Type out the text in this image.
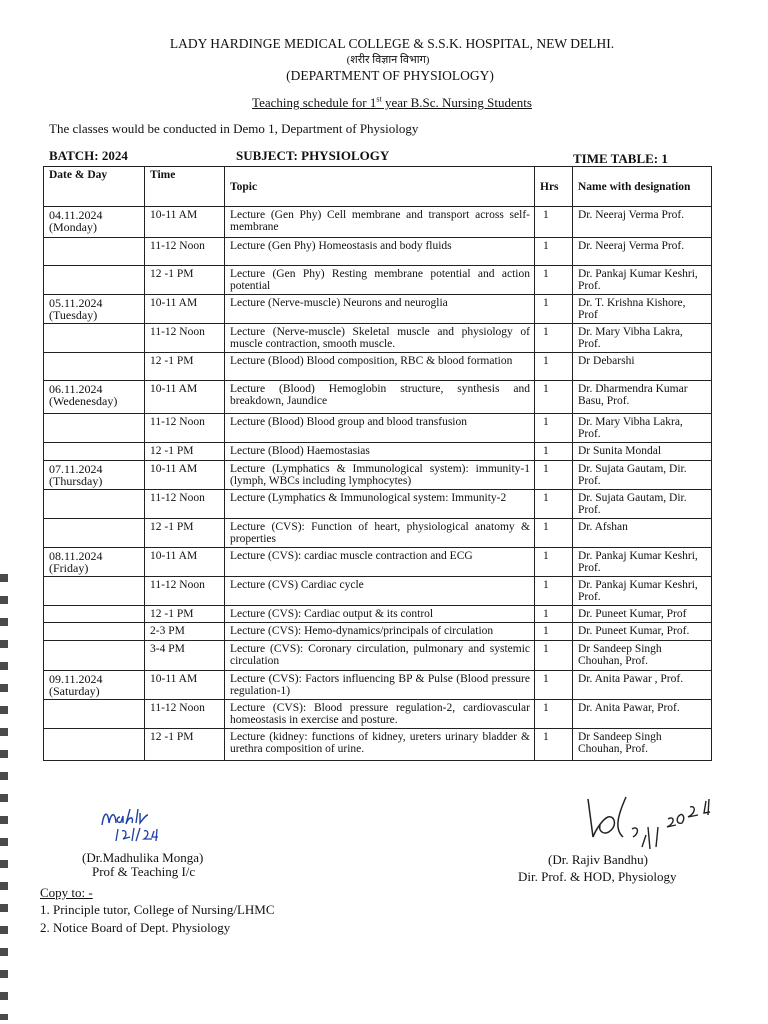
LADY HARDINGE MEDICAL COLLEGE & S.S.K. HOSPITAL, NEW DELHI.
(शरीर विज्ञान विभाग)
(DEPARTMENT OF PHYSIOLOGY)
Teaching schedule for 1st year B.Sc. Nursing Students
The classes would be conducted in Demo 1, Department of Physiology
BATCH: 2024	SUBJECT: PHYSIOLOGY	TIME TABLE: 1
Date & Day	Time	Topic	Hrs	Name with designation

04.11.2024
(Monday)	10-11 AM	Lecture (Gen Phy) Cell membrane and transport across self-membrane	1	Dr. Neeraj Verma Prof.

	11-12 Noon	Lecture (Gen Phy) Homeostasis and body fluids	1	Dr. Neeraj Verma Prof.

	12 -1 PM	Lecture (Gen Phy) Resting membrane potential and action potential	1	Dr. Pankaj Kumar Keshri, Prof.

05.11.2024
(Tuesday)	10-11 AM	Lecture (Nerve-muscle) Neurons and neuroglia	1	Dr. T. Krishna Kishore, Prof

	11-12 Noon	Lecture (Nerve-muscle) Skeletal muscle and physiology of muscle contraction, smooth muscle.	1	Dr. Mary Vibha Lakra, Prof.

	12 -1 PM	Lecture (Blood) Blood composition, RBC & blood formation	1	Dr Debarshi

06.11.2024
(Wedenesday)	10-11 AM	Lecture (Blood) Hemoglobin structure, synthesis and breakdown, Jaundice	1	Dr. Dharmendra Kumar Basu, Prof.

	11-12 Noon	Lecture (Blood) Blood group and blood transfusion	1	Dr. Mary Vibha Lakra, Prof.

	12 -1 PM	Lecture (Blood) Haemostasias	1	Dr Sunita Mondal

07.11.2024
(Thursday)	10-11 AM	Lecture (Lymphatics & Immunological system): immunity-1 (lymph, WBCs including lymphocytes)	1	Dr. Sujata Gautam, Dir. Prof.

	11-12 Noon	Lecture (Lymphatics & Immunological system: Immunity-2	1	Dr. Sujata Gautam, Dir. Prof.

	12 -1 PM	Lecture (CVS): Function of heart, physiological anatomy & properties	1	Dr. Afshan

08.11.2024
(Friday)	10-11 AM	Lecture (CVS): cardiac muscle contraction and ECG	1	Dr. Pankaj Kumar Keshri, Prof.

	11-12 Noon	Lecture (CVS) Cardiac cycle	1	Dr. Pankaj Kumar Keshri, Prof.

	12 -1 PM	Lecture (CVS): Cardiac output & its control	1	Dr. Puneet Kumar, Prof

	2-3 PM	Lecture (CVS): Hemo-dynamics/principals of circulation	1	Dr. Puneet Kumar, Prof.

	3-4 PM	Lecture (CVS): Coronary circulation, pulmonary and systemic circulation	1	Dr Sandeep Singh Chouhan, Prof.

09.11.2024
(Saturday)	10-11 AM	Lecture (CVS): Factors influencing BP & Pulse (Blood pressure regulation-1)	1	Dr. Anita Pawar , Prof.

	11-12 Noon	Lecture (CVS): Blood pressure regulation-2, cardiovascular homeostasis in exercise and posture.	1	Dr. Anita Pawar, Prof.

	12 -1 PM	Lecture (kidney: functions of kidney, ureters urinary bladder & urethra composition of urine.	1	Dr Sandeep Singh Chouhan, Prof.
(Dr.Madhulika Monga)
Prof & Teaching I/c
(Dr. Rajiv Bandhu)
Dir. Prof. & HOD, Physiology
Copy to: -
1. Principle tutor, College of Nursing/LHMC
2. Notice Board of Dept. Physiology
